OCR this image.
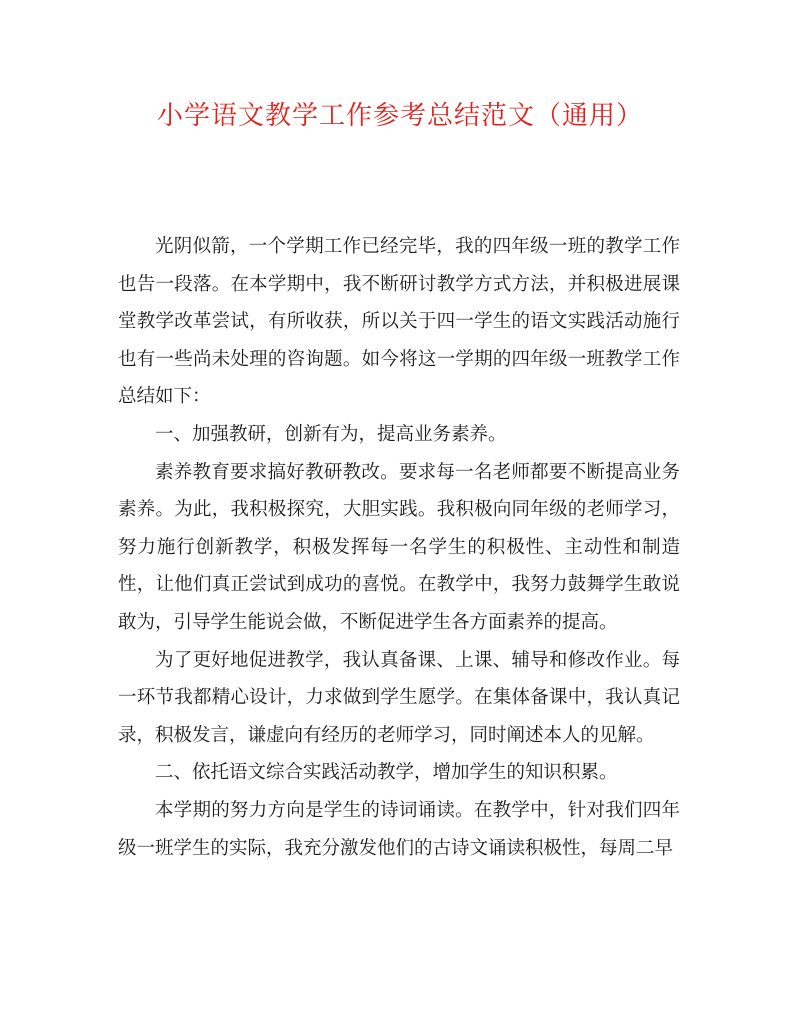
小学语文教学工作参考总结范文（通用）

光阴似箭，一个学期工作已经完毕，我的四年级一班的教学工作也告一段落。在本学期中，我不断研讨教学方式方法，并积极进展课堂教学改革尝试，有所收获，所以关于四一学生的语文实践活动施行也有一些尚未处理的咨询题。如今将这一学期的四年级一班教学工作总结如下：

一、加强教研，创新有为，提高业务素养。

素养教育要求搞好教研教改。要求每一名老师都要不断提高业务素养。为此，我积极探究，大胆实践。我积极向同年级的老师学习，努力施行创新教学，积极发挥每一名学生的积极性、主动性和制造性，让他们真正尝试到成功的喜悦。在教学中，我努力鼓舞学生敢说敢为，引导学生能说会做，不断促进学生各方面素养的提高。

为了更好地促进教学，我认真备课、上课、辅导和修改作业。每一环节我都精心设计，力求做到学生愿学。在集体备课中，我认真记录，积极发言，谦虚向有经历的老师学习，同时阐述本人的见解。

二、依托语文综合实践活动教学，增加学生的知识积累。

本学期的努力方向是学生的诗词诵读。在教学中，针对我们四年级一班学生的实际，我充分激发他们的古诗文诵读积极性，每周二早
